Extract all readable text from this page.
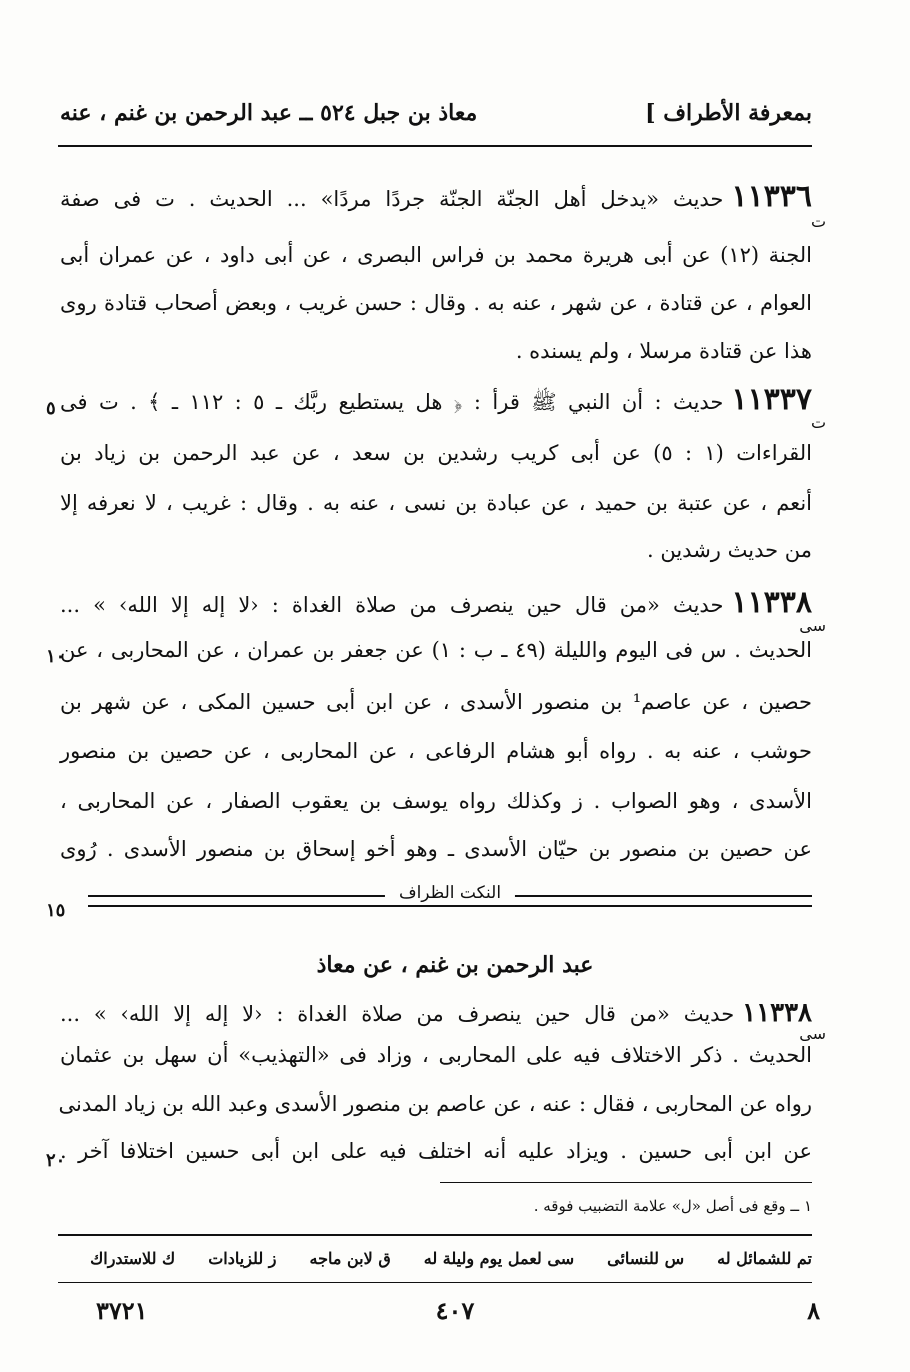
بمعرفة الأطراف ]
معاذ بن جبل ٥٢٤ ــ عبد الرحمن بن غنم ، عنه
١١٣٣٦حديث «يدخل أهل الجنّة الجنّة جردًا مردًا» ... الحديث . ت فى صفة
ت
الجنة (١٢) عن أبى هريرة محمد بن فراس البصرى ، عن أبى داود ، عن عمران أبى
العوام ، عن قتادة ، عن شهر ، عنه به . وقال : حسن غريب ، وبعض أصحاب قتادة روى
هذا عن قتادة مرسلا ، ولم يسنده .
١١٣٣٧حديث : أن النبي ﷺ قرأ : ﴿ هل يستطيع ربَّك ـ ٥ : ١١٢ ـ ﴾ . ت فى
ت
٥
القراءات (١ : ٥) عن أبى كريب رشدين بن سعد ، عن عبد الرحمن بن زياد بن
أنعم ، عن عتبة بن حميد ، عن عبادة بن نسى ، عنه به . وقال : غريب ، لا نعرفه إلا
من حديث رشدين .
١١٣٣٨حديث «من قال حين ينصرف من صلاة الغداة : ‹لا إله إلا الله› » ...
سى
١٠
الحديث . س فى اليوم والليلة (٤٩ ـ ب : ١) عن جعفر بن عمران ، عن المحاربى ، عن
حصين ، عن عاصم¹ بن منصور الأسدى ، عن ابن أبى حسين المكى ، عن شهر بن
حوشب ، عنه به . رواه أبو هشام الرفاعى ، عن المحاربى ، عن حصين بن منصور
الأسدى ، وهو الصواب . ز وكذلك رواه يوسف بن يعقوب الصفار ، عن المحاربى ،
عن حصين بن منصور بن حيّان الأسدى ـ وهو أخو إسحاق بن منصور الأسدى . رُوى
النكت الظراف
١٥
عبد الرحمن بن غنم ، عن معاذ
١١٣٣٨حديث «من قال حين ينصرف من صلاة الغداة : ‹لا إله إلا الله› » ...
سى
الحديث . ذكر الاختلاف فيه على المحاربى ، وزاد فى «التهذيب» أن سهل بن عثمان
رواه عن المحاربى ، فقال : عنه ، عن عاصم بن منصور الأسدى وعبد الله بن زياد المدنى
عن ابن أبى حسين . ويزاد عليه أنه اختلف فيه على ابن أبى حسين اختلافا آخر .
٢٠
١ ــ وقع فى أصل «ل» علامة التضبيب فوقه .
تم للشمائل له
س للنسائى
سى لعمل يوم وليلة له
ق لابن ماجه
ز للزيادات
ك للاستدراك
٨
٤٠٧
٣٧٢١
